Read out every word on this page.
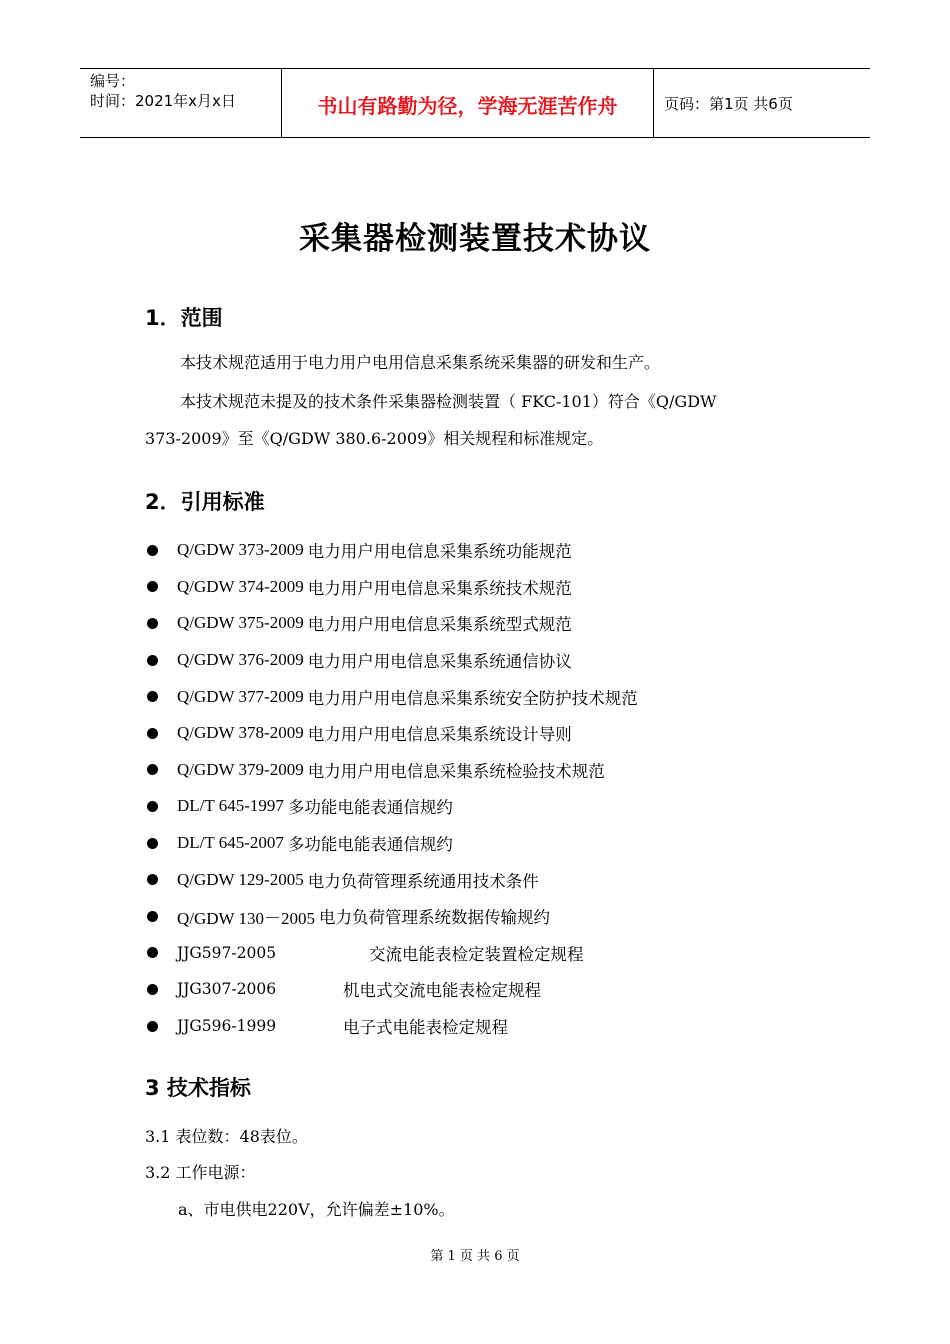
编号：
时间：2021年x月x日	书山有路勤为径，学海无涯苦作舟	页码：第1页 共6页
采集器检测装置技术协议
1．范围
本技术规范适用于电力用户电用信息采集系统采集器的研发和生产。
本技术规范未提及的技术条件采集器检测装置（ FKC-101）符合《Q/GDW
373-2009》至《Q/GDW 380.6-2009》相关规程和标准规定。
2．引用标准
Q/GDW 373-2009 电力用户用电信息采集系统功能规范
Q/GDW 374-2009 电力用户用电信息采集系统技术规范
Q/GDW 375-2009 电力用户用电信息采集系统型式规范
Q/GDW 376-2009 电力用户用电信息采集系统通信协议
Q/GDW 377-2009 电力用户用电信息采集系统安全防护技术规范
Q/GDW 378-2009 电力用户用电信息采集系统设计导则
Q/GDW 379-2009 电力用户用电信息采集系统检验技术规范
DL/T 645-1997 多功能电能表通信规约
DL/T 645-2007 多功能电能表通信规约
Q/GDW 129-2005 电力负荷管理系统通用技术条件
Q/GDW 130－2005 电力负荷管理系统数据传输规约
JJG597-2005	交流电能表检定装置检定规程
JJG307-2006	机电式交流电能表检定规程
JJG596-1999	电子式电能表检定规程
3 技术指标
3.1 表位数：48表位。
3.2 工作电源：
a、市电供电220V，允许偏差±10%。
第 1 页 共 6 页
